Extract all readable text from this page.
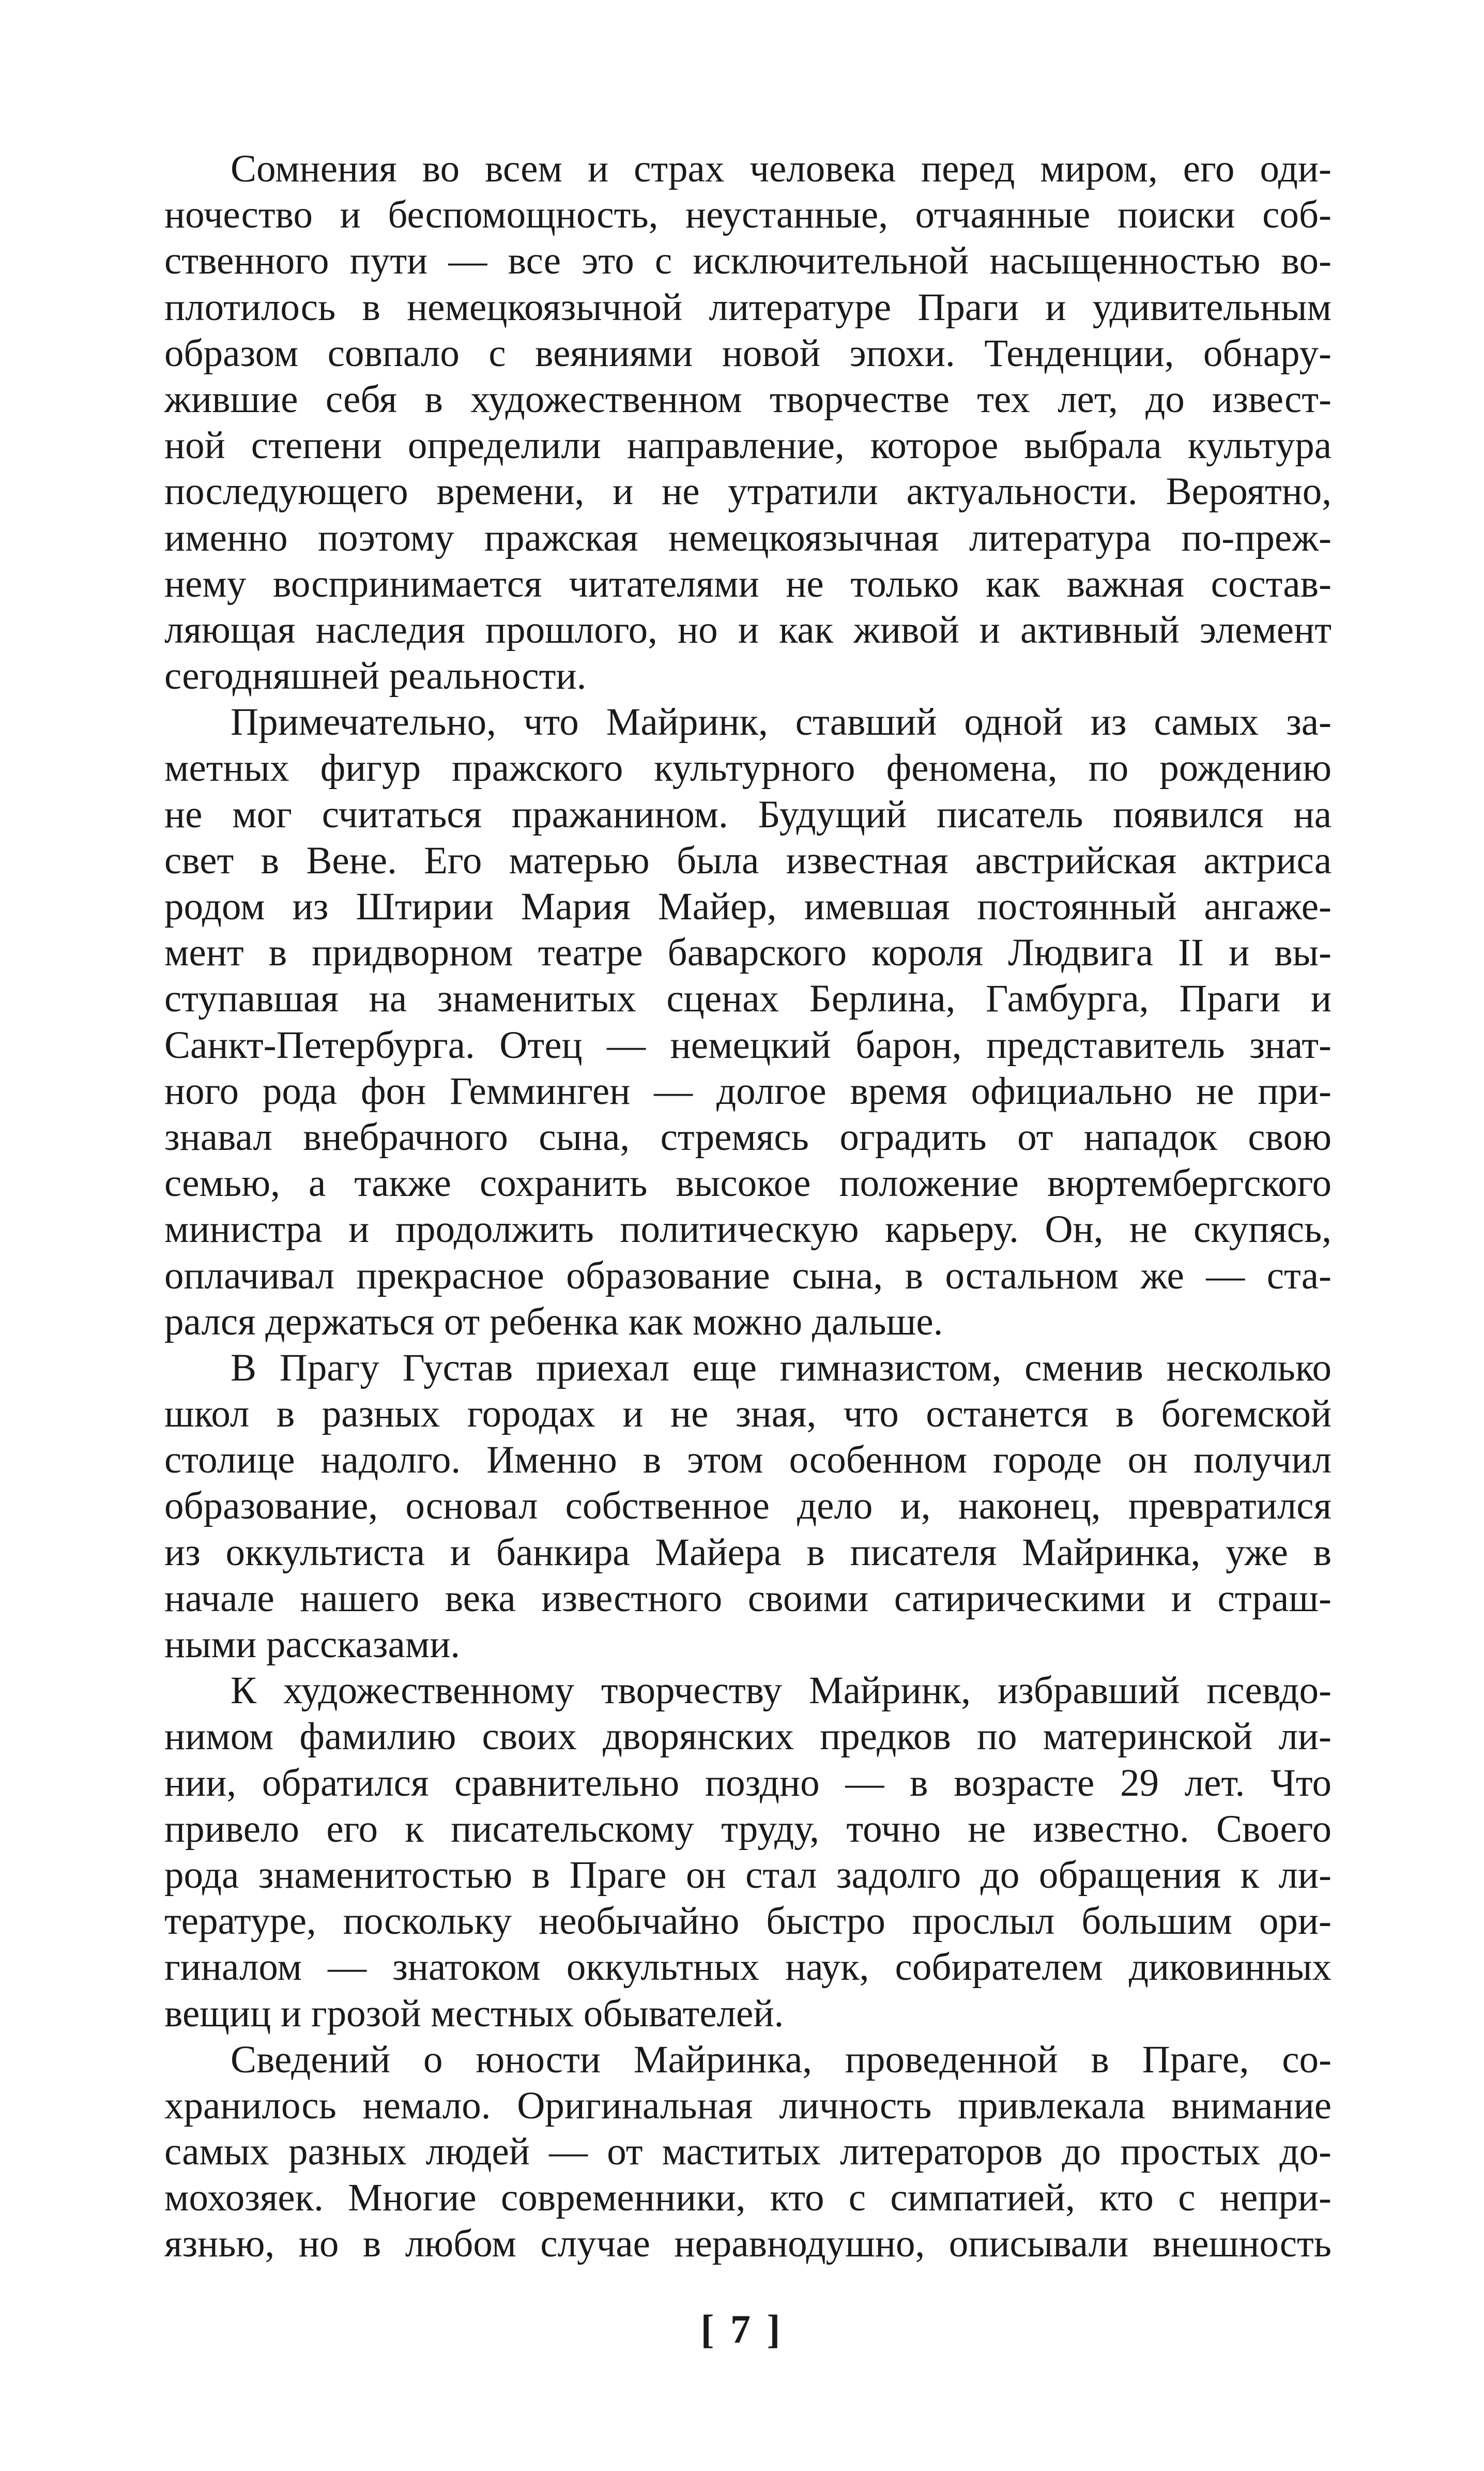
Сомнения во всем и страх человека перед миром, его оди-
ночество и беспомощность, неустанные, отчаянные поиски соб-
ственного пути — все это с исключительной насыщенностью во-
плотилось в немецкоязычной литературе Праги и удивительным
образом совпало с веяниями новой эпохи. Тенденции, обнару-
жившие себя в художественном творчестве тех лет, до извест-
ной степени определили направление, которое выбрала культура
последующего времени, и не утратили актуальности. Вероятно,
именно поэтому пражская немецкоязычная литература по-преж-
нему воспринимается читателями не только как важная состав-
ляющая наследия прошлого, но и как живой и активный элемент
сегодняшней реальности.
Примечательно, что Майринк, ставший одной из самых за-
метных фигур пражского культурного феномена, по рождению
не мог считаться пражанином. Будущий писатель появился на
свет в Вене. Его матерью была известная австрийская актриса
родом из Штирии Мария Майер, имевшая постоянный ангаже-
мент в придворном театре баварского короля Людвига II и вы-
ступавшая на знаменитых сценах Берлина, Гамбурга, Праги и
Санкт-Петербурга. Отец — немецкий барон, представитель знат-
ного рода фон Гемминген — долгое время официально не при-
знавал внебрачного сына, стремясь оградить от нападок свою
семью, а также сохранить высокое положение вюртембергского
министра и продолжить политическую карьеру. Он, не скупясь,
оплачивал прекрасное образование сына, в остальном же — ста-
рался держаться от ребенка как можно дальше.
В Прагу Густав приехал еще гимназистом, сменив несколько
школ в разных городах и не зная, что останется в богемской
столице надолго. Именно в этом особенном городе он получил
образование, основал собственное дело и, наконец, превратился
из оккультиста и банкира Майера в писателя Майринка, уже в
начале нашего века известного своими сатирическими и страш-
ными рассказами.
К художественному творчеству Майринк, избравший псевдо-
нимом фамилию своих дворянских предков по материнской ли-
нии, обратился сравнительно поздно — в возрасте 29 лет. Что
привело его к писательскому труду, точно не известно. Своего
рода знаменитостью в Праге он стал задолго до обращения к ли-
тературе, поскольку необычайно быстро прослыл большим ори-
гиналом — знатоком оккультных наук, собирателем диковинных
вещиц и грозой местных обывателей.
Сведений о юности Майринка, проведенной в Праге, со-
хранилось немало. Оригинальная личность привлекала внимание
самых разных людей — от маститых литераторов до простых до-
мохозяек. Многие современники, кто с симпатией, кто с непри-
язнью, но в любом случае неравнодушно, описывали внешность
[ 7 ]
